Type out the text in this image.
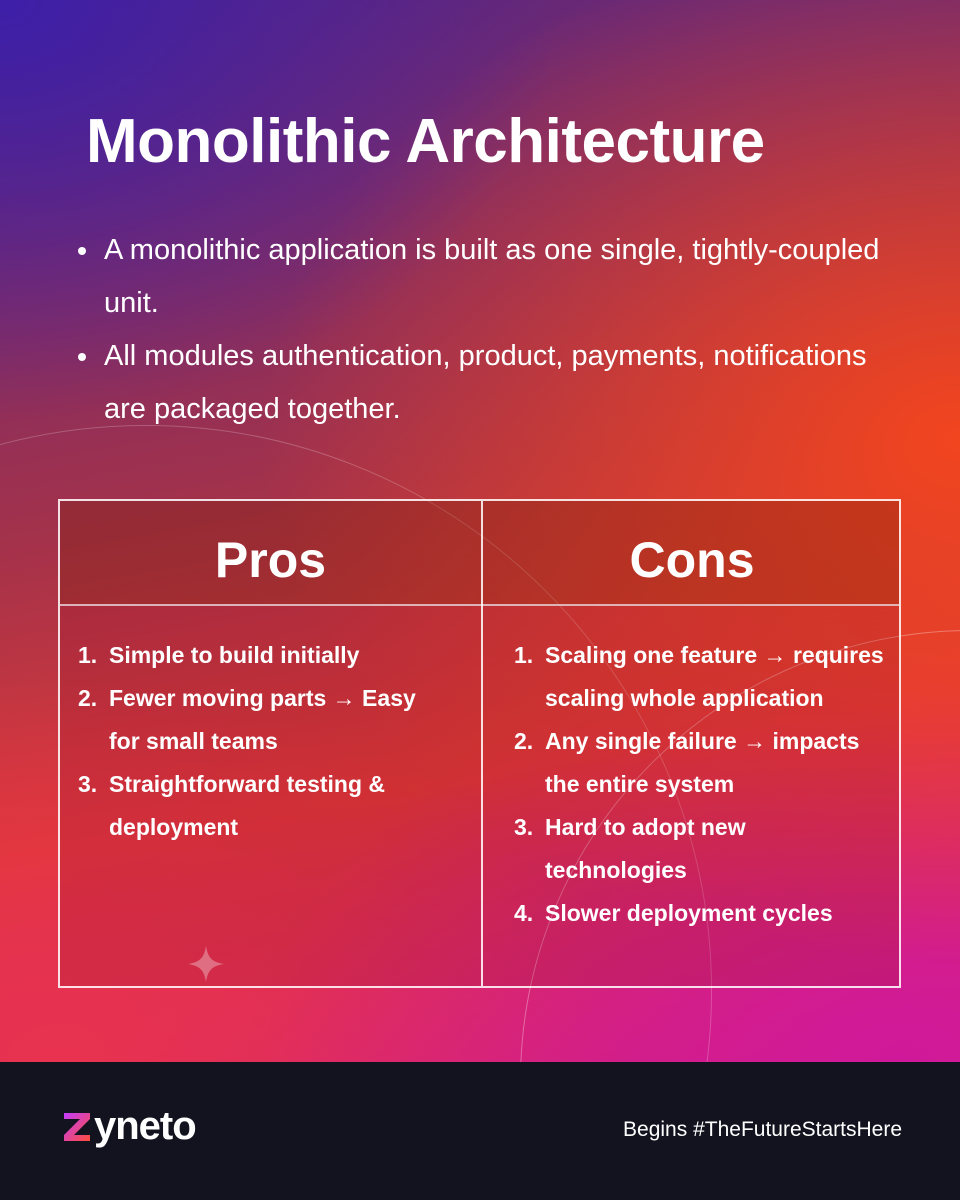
Monolithic Architecture
A monolithic application is built as one single, tightly-coupled unit.
All modules authentication, product, payments, notifications are packaged together.
Pros	Cons
1. Simple to build initially
2. Fewer moving parts → Easy for small teams
3. Straightforward testing & deployment
1. Scaling one feature → requires scaling whole application
2. Any single failure → impacts the entire system
3. Hard to adopt new technologies
4. Slower deployment cycles
yneto	Begins #TheFutureStartsHere
